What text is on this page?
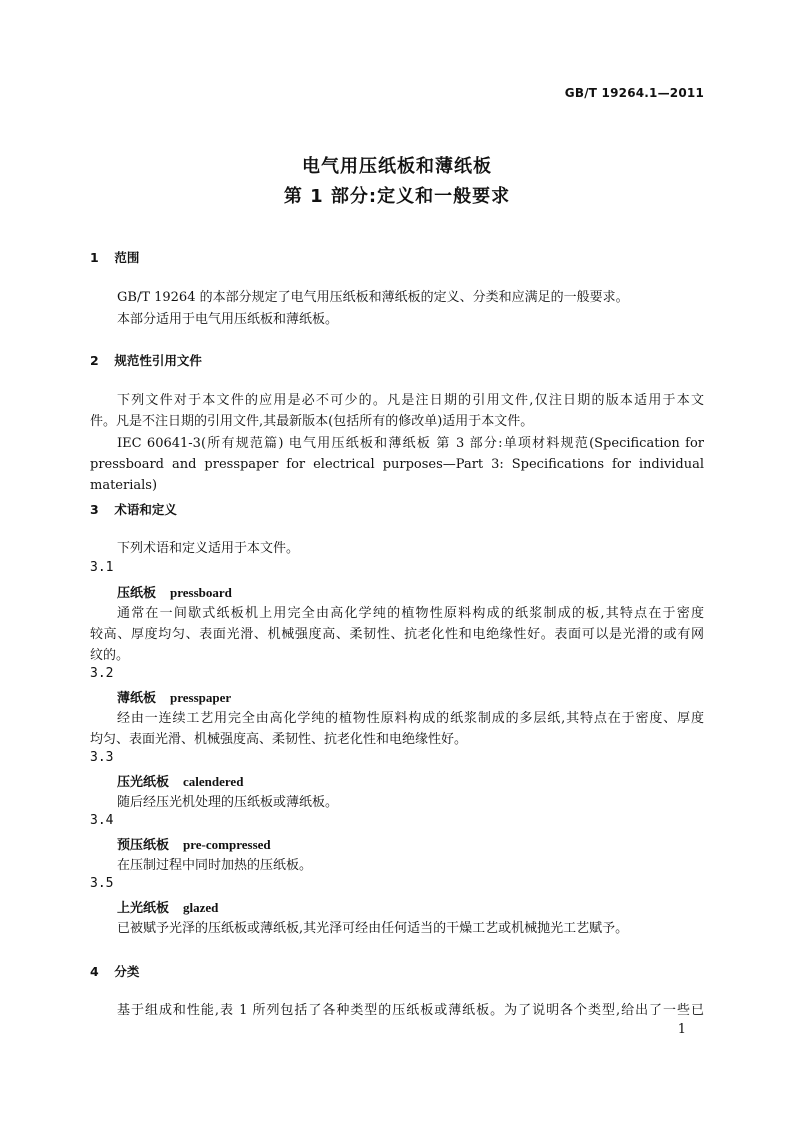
GB/T 19264.1—2011
电气用压纸板和薄纸板
第 1 部分:定义和一般要求
1 范围
GB/T 19264 的本部分规定了电气用压纸板和薄纸板的定义、分类和应满足的一般要求。
本部分适用于电气用压纸板和薄纸板。
2 规范性引用文件
下列文件对于本文件的应用是必不可少的。凡是注日期的引用文件,仅注日期的版本适用于本文
件。凡是不注日期的引用文件,其最新版本(包括所有的修改单)适用于本文件。
IEC 60641-3(所有规范篇) 电气用压纸板和薄纸板 第 3 部分:单项材料规范(Specification for
pressboard and presspaper for electrical purposes—Part 3: Specifications for individual materials)
3 术语和定义
下列术语和定义适用于本文件。
3.1
压纸板 pressboard
通常在一间歇式纸板机上用完全由高化学纯的植物性原料构成的纸浆制成的板,其特点在于密度
较高、厚度均匀、表面光滑、机械强度高、柔韧性、抗老化性和电绝缘性好。表面可以是光滑的或有网
纹的。
3.2
薄纸板 presspaper
经由一连续工艺用完全由高化学纯的植物性原料构成的纸浆制成的多层纸,其特点在于密度、厚度
均匀、表面光滑、机械强度高、柔韧性、抗老化性和电绝缘性好。
3.3
压光纸板 calendered
随后经压光机处理的压纸板或薄纸板。
3.4
预压纸板 pre-compressed
在压制过程中同时加热的压纸板。
3.5
上光纸板 glazed
已被赋予光泽的压纸板或薄纸板,其光泽可经由任何适当的干燥工艺或机械抛光工艺赋予。
4 分类
基于组成和性能,表 1 所列包括了各种类型的压纸板或薄纸板。为了说明各个类型,给出了一些已
1
